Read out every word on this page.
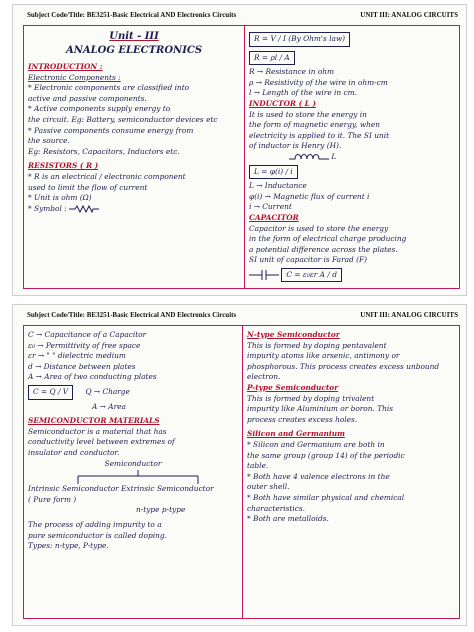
Subject Code/Title: BE3251-Basic Electrical AND Electronics Circuits	UNIT III: ANALOG CIRCUITS
Unit - III
ANALOG ELECTRONICS
INTRODUCTION :
Electronic Components :
* Electronic components are classified into
active and passive components.
* Active components supply energy to
the circuit. Eg: Battery, semiconductor devices etc
* Passive components consume energy from
the source.
Eg: Resistors, Capacitors, Inductors etc.
RESISTORS ( R )
* R is an electrical / electronic component
used to limit the flow of current
* Unit is ohm (Ω)
* Symbol :
R = V / I (By Ohm's law)
R = ρl / A
R → Resistance in ohm
ρ → Resistivity of the wire in ohm-cm
l → Length of the wire in cm.
INDUCTOR ( L )
It is used to store the energy in
the form of magnetic energy, when
electricity is applied to it. The SI unit
of inductor is Henry (H).
L
L = φ(i) / i
L → Inductance
φ(i) → Magnetic flux of current i
i → Current
CAPACITOR
Capacitor is used to store the energy
in the form of electrical charge producing
a potential difference across the plates.
SI unit of capacitor is Farad (F)
C = ε₀εr A / d
Subject Code/Title: BE3251-Basic Electrical AND Electronics Circuits	UNIT III: ANALOG CIRCUITS
C → Capacitance of a Capacitor
ε₀ → Permittivity of free space
εr → " " dielectric medium
d → Distance between plates
A → Area of two conducting plates
C = Q / V Q → Charge
A → Area
SEMICONDUCTOR MATERIALS
Semiconductor is a material that has
conductivity level between extremes of
insulator and conductor.
Semiconductor
Intrinsic Semiconductor Extrinsic Semiconductor
( Pure form )
n-type p-type
The process of adding impurity to a
pure semiconductor is called doping.
Types: n-type, P-type.
N-type Semiconductor
This is formed by doping pentavalent
impurity atoms like arsenic, antimony or
phosphorous. This process creates excess unbound
electron.
P-type Semiconductor
This is formed by doping trivalent
impurity like Aluminium or boron. This
process creates excess holes.
Silicon and Germanium
* Silicon and Germanium are both in
the same group (group 14) of the periodic
table.
* Both have 4 valence electrons in the
outer shell.
* Both have similar physical and chemical
characteristics.
* Both are metalloids.
